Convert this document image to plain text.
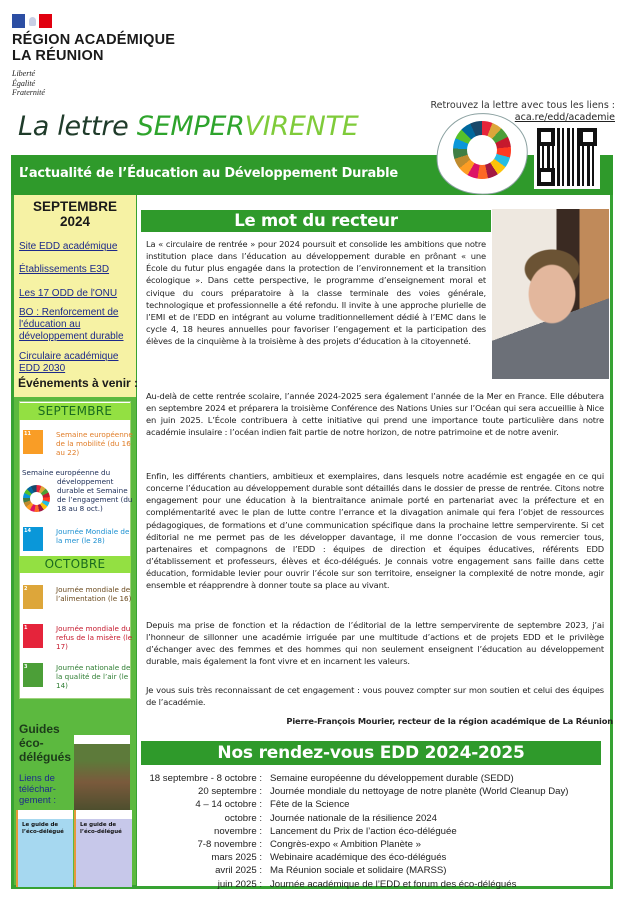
RÉGION ACADÉMIQUE
LA RÉUNION
Liberté
Égalité
Fraternité
La lettre SEMPERVIRENTE
L’actualité de l’Éducation au Développement Durable
Retrouvez la lettre avec tous les liens :
aca.re/edd/academie
SEPTEMBRE
2024
Site EDD académique
Établissements E3D
Les 17 ODD de l'ONU
BO : Renforcement de l'éducation au développement durable
Circulaire académique EDD 2030
Événements à venir :
SEPTEMBRE
11	Semaine européenne de la mobilité (du 16 au 22)
Semaine européenne du
développement durable et Semaine de l’engagement (du 18 au 8 oct.)
14	Journée Mondiale de la mer (le 28)
OCTOBRE
2	Journée mondiale de l’alimentation (le 16)
1	Journée mondiale du refus de la misère (le 17)
3	Journée nationale de la qualité de l’air (le 14)
Guides éco-délégués
Liens de téléchar-gement :
Le guide de l’éco-délégué
Le guide de l’éco-délégué
Le mot du recteur

La « circulaire de rentrée » pour 2024 poursuit et consolide les ambitions que notre institution place dans l’éducation au développement durable en prônant « une École du futur plus engagée dans la protection de l’environnement et la transition écologique ». Dans cette perspective, le programme d’enseignement moral et civique du cours préparatoire à la classe terminale des voies générale, technologique et professionnelle a été refondu. Il invite à une approche plurielle de l’EMI et de l’EDD en intégrant au volume traditionnellement dédié à l’EMC dans le cycle 4, 18 heures annuelles pour favoriser l’engagement et la participation des élèves de la cinquième à la troisième à des projets d’éducation à la citoyenneté.

Au-delà de cette rentrée scolaire, l’année 2024-2025 sera également l’année de la Mer en France. Elle débutera en septembre 2024 et préparera la troisième Conférence des Nations Unies sur l’Océan qui sera accueillie à Nice en juin 2025. L’École contribuera à cette initiative qui prend une importance toute particulière dans notre académie insulaire : l’océan indien fait partie de notre horizon, de notre patrimoine et de notre avenir.

Enfin, les différents chantiers, ambitieux et exemplaires, dans lesquels notre académie est engagée en ce qui concerne l’éducation au développement durable sont détaillés dans le dossier de presse de rentrée. Citons notre engagement pour une éducation à la bientraitance animale porté en partenariat avec la préfecture et en complémentarité avec le plan de lutte contre l’errance et la divagation animale qui fera l’objet de ressources pédagogiques, de formations et d’une communication spécifique dans la prochaine lettre sempervirente. Si cet éditorial ne me permet pas de les développer davantage, il me donne l’occasion de vous remercier tous, partenaires et compagnons de l’EDD : équipes de direction et équipes éducatives, référents EDD d’établissement et professeurs, élèves et éco-délégués. Je connais votre engagement sans faille dans cette éducation, formidable levier pour ouvrir l’école sur son territoire, enseigner la complexité de notre monde, agir ensemble et réapprendre à donner toute sa place au vivant.

Depuis ma prise de fonction et la rédaction de l’éditorial de la lettre sempervirente de septembre 2023, j’ai l’honneur de sillonner une académie irriguée par une multitude d’actions et de projets EDD et le privilège d’échanger avec des femmes et des hommes qui non seulement enseignent l’éducation au développement durable, mais également la font vivre et en incarnent les valeurs.

Je vous suis très reconnaissant de cet engagement : vous pouvez compter sur mon soutien et celui des équipes de l’académie.

Pierre-François Mourier, recteur de la région académique de La Réunion
Nos rendez-vous EDD 2024-2025
18 septembre - 8 octobre : Semaine européenne du développement durable (SEDD)
20 septembre : Journée mondiale du nettoyage de notre planète (World Cleanup Day)
4 – 14 octobre : Fête de la Science
octobre : Journée nationale de la résilience 2024
novembre : Lancement du Prix de l’action éco-déléguée
7-8 novembre : Congrès-expo « Ambition Planète »
mars 2025 : Webinaire académique des éco-délégués
avril 2025 : Ma Réunion sociale et solidaire (MARSS)
juin 2025 : Journée académique de l’EDD et forum des éco-délégués
